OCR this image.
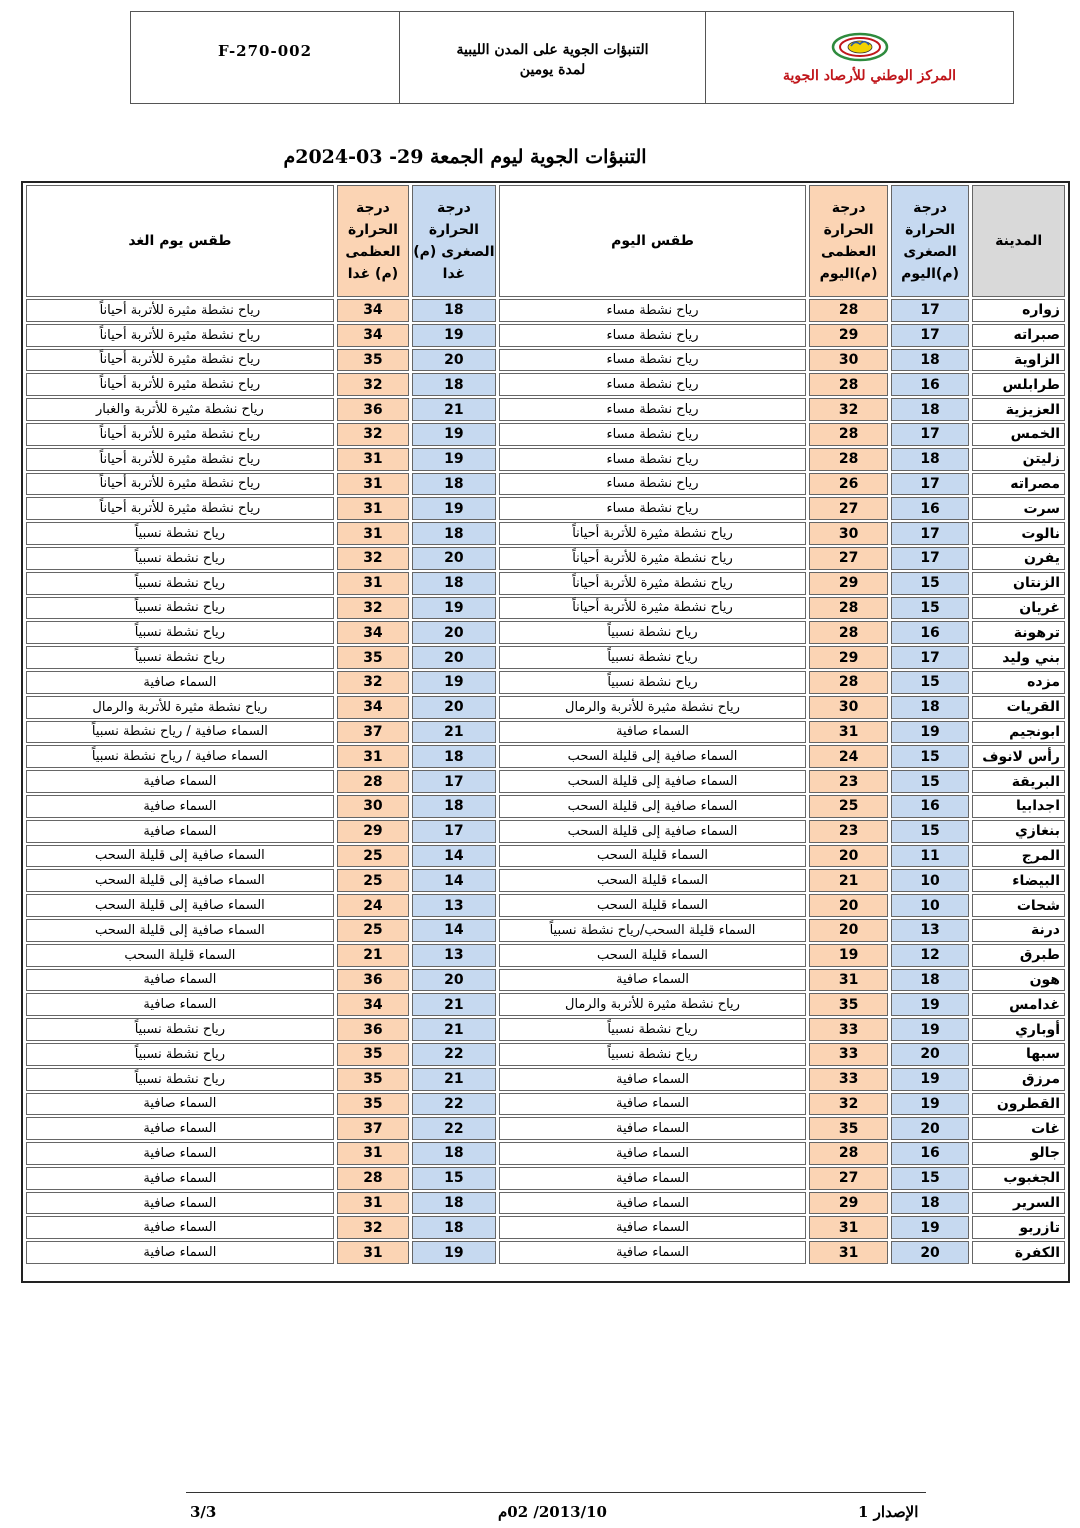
F-270-002	التنبؤات الجوية على المدن الليبية
لمدة يومين	المركز الوطني للأرصاد الجوية
التنبؤات الجوية ليوم الجمعة 29- 03-2024م
المدينة	درجة الحرارة الصغرى (م)اليوم	درجة الحرارة العظمى (م)اليوم	طقس اليوم	درجة الحرارة الصغرى (م) غدا	درجة الحرارة العظمى (م) غدا	طقس يوم الغد
زواره	17	28	رياح نشطة مساء	18	34	رياح نشطة مثيرة للأتربة أحياناً
صبراته	17	29	رياح نشطة مساء	19	34	رياح نشطة مثيرة للأتربة أحياناً
الزاوية	18	30	رياح نشطة مساء	20	35	رياح نشطة مثيرة للأتربة أحياناً
طرابلس	16	28	رياح نشطة مساء	18	32	رياح نشطة مثيرة للأتربة أحياناً
العزيزية	18	32	رياح نشطة مساء	21	36	رياح نشطة مثيرة للأتربة والغبار
الخمس	17	28	رياح نشطة مساء	19	32	رياح نشطة مثيرة للأتربة أحياناً
زليتن	18	28	رياح نشطة مساء	19	31	رياح نشطة مثيرة للأتربة أحياناً
مصراته	17	26	رياح نشطة مساء	18	31	رياح نشطة مثيرة للأتربة أحياناً
سرت	16	27	رياح نشطة مساء	19	31	رياح نشطة مثيرة للأتربة أحياناً
نالوت	17	30	رياح نشطة مثيرة للأتربة أحياناً	18	31	رياح نشطة نسبياً
يفرن	17	27	رياح نشطة مثيرة للأتربة أحياناً	20	32	رياح نشطة نسبياً
الزنتان	15	29	رياح نشطة مثيرة للأتربة أحياناً	18	31	رياح نشطة نسبياً
غريان	15	28	رياح نشطة مثيرة للأتربة أحياناً	19	32	رياح نشطة نسبياً
ترهونة	16	28	رياح نشطة نسبياً	20	34	رياح نشطة نسبياً
بني وليد	17	29	رياح نشطة نسبياً	20	35	رياح نشطة نسبياً
مزده	15	28	رياح نشطة نسبياً	19	32	السماء صافية
القريات	18	30	رياح نشطة مثيرة للأتربة والرمال	20	34	رياح نشطة مثيرة للأتربة والرمال
ابونجيم	19	31	السماء صافية	21	37	السماء صافية / رياح نشطة نسبياً
رأس لانوف	15	24	السماء صافية إلى قليلة السحب	18	31	السماء صافية / رياح نشطة نسبياً
البريقة	15	23	السماء صافية إلى قليلة السحب	17	28	السماء صافية
اجدابيا	16	25	السماء صافية إلى قليلة السحب	18	30	السماء صافية
بنغازي	15	23	السماء صافية إلى قليلة السحب	17	29	السماء صافية
المرج	11	20	السماء قليلة السحب	14	25	السماء صافية إلى قليلة السحب
البيضاء	10	21	السماء قليلة السحب	14	25	السماء صافية إلى قليلة السحب
شحات	10	20	السماء قليلة السحب	13	24	السماء صافية إلى قليلة السحب
درنة	13	20	السماء قليلة السحب/رياح نشطة نسبياً	14	25	السماء صافية إلى قليلة السحب
طبرق	12	19	السماء قليلة السحب	13	21	السماء قليلة السحب
هون	18	31	السماء صافية	20	36	السماء صافية
غدامس	19	35	رياح نشطة مثيرة للأتربة والرمال	21	34	السماء صافية
أوباري	19	33	رياح نشطة نسبياً	21	36	رياح نشطة نسبياً
سبها	20	33	رياح نشطة نسبياً	22	35	رياح نشطة نسبياً
مرزق	19	33	السماء صافية	21	35	رياح نشطة نسبياً
القطرون	19	32	السماء صافية	22	35	السماء صافية
غات	20	35	السماء صافية	22	37	السماء صافية
جالو	16	28	السماء صافية	18	31	السماء صافية
الجغبوب	15	27	السماء صافية	15	28	السماء صافية
السرير	18	29	السماء صافية	18	31	السماء صافية
تازربو	19	31	السماء صافية	18	32	السماء صافية
الكفرة	20	31	السماء صافية	19	31	السماء صافية
الإصدار 1
2013/10/ 02م
3/3
